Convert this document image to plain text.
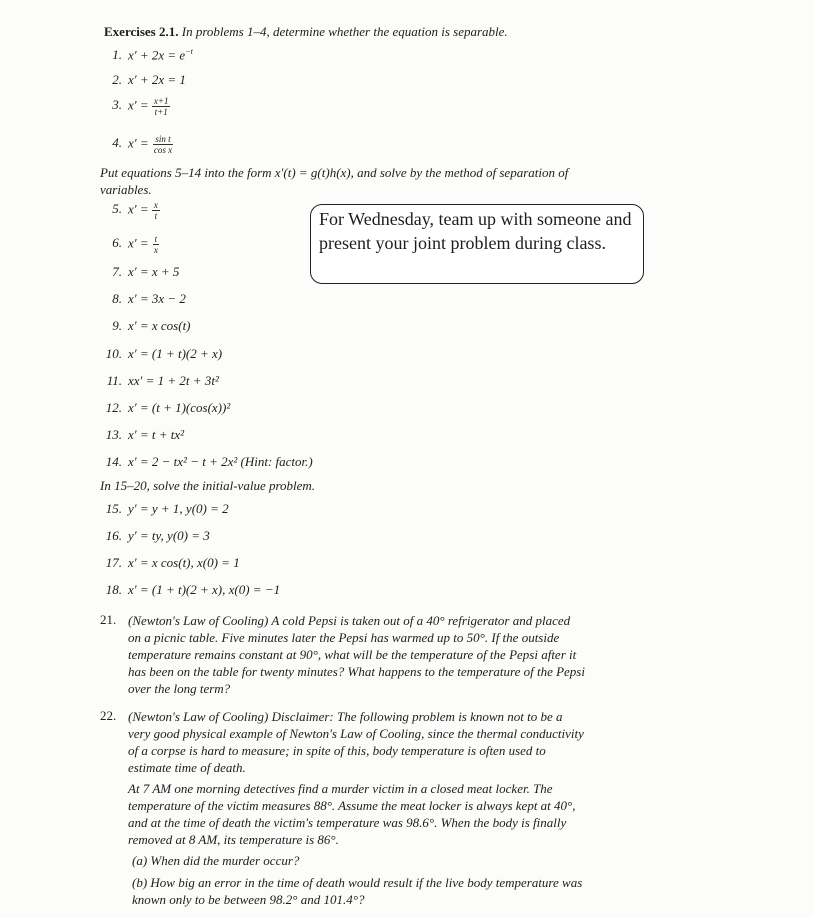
Exercises 2.1. In problems 1–4, determine whether the equation is separable.
1. $x' + 2x = e^{-t}$
2. x′ + 2x = 1
3. $x' = \frac{x+1}{t+1}$
4. $x' = \frac{\text{sin t}}{\text{cos x}}$
Put equations 5–14 into the form x′(t) = g(t)h(x), and solve by the method of separation of variables.
5. $x' = \frac{x}{t}$
6. $x' = \frac{t}{x}$
7. x′ = x + 5
8. x′ = 3x − 2
9. x′ = x cos(t)
10. x′ = (1 + t)(2 + x)
11. xx′ = 1 + 2t + 3t²
12. x′ = (t + 1)(cos(x))²
13. x′ = t + tx²
14. x′ = 2 − tx² − t + 2x² (Hint: factor.)
In 15–20, solve the initial-value problem.
15. y′ = y + 1, y(0) = 2
16. y′ = ty, y(0) = 3
17. x′ = x cos(t), x(0) = 1
18. x′ = (1 + t)(2 + x), x(0) = −1
21. (Newton's Law of Cooling) A cold Pepsi is taken out of a 40° refrigerator and placed on a picnic table. Five minutes later the Pepsi has warmed up to 50°. If the outside temperature remains constant at 90°, what will be the temperature of the Pepsi after it has been on the table for twenty minutes? What happens to the temperature of the Pepsi over the long term?
22. (Newton's Law of Cooling) Disclaimer: The following problem is known not to be a very good physical example of Newton's Law of Cooling, since the thermal conductivity of a corpse is hard to measure; in spite of this, body temperature is often used to estimate time of death.
At 7 AM one morning detectives find a murder victim in a closed meat locker. The temperature of the victim measures 88°. Assume the meat locker is always kept at 40°, and at the time of death the victim's temperature was 98.6°. When the body is finally removed at 8 AM, its temperature is 86°.
(a) When did the murder occur?
(b) How big an error in the time of death would result if the live body temperature was known only to be between 98.2° and 101.4°?
For Wednesday, team up with someone and present your joint problem during class.
